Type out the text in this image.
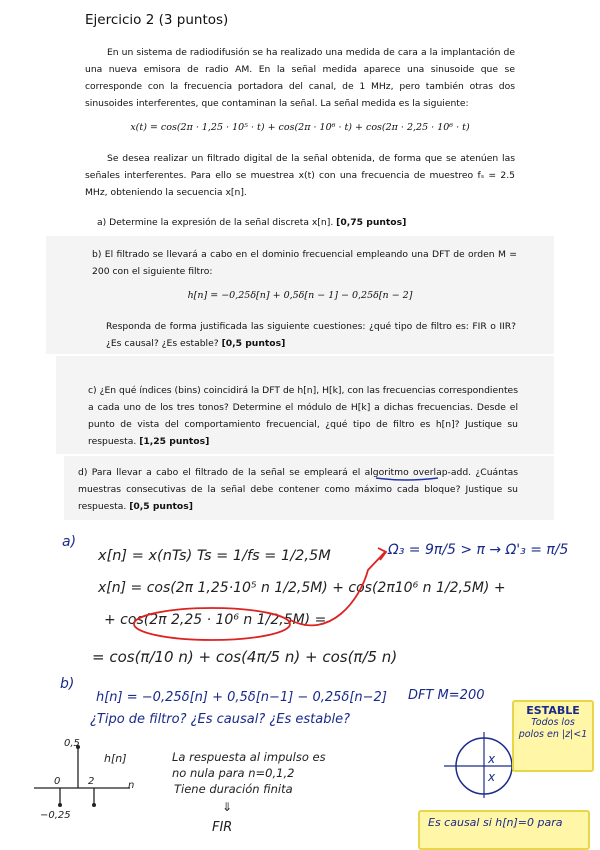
Ejercicio 2 (3 puntos)
En un sistema de radiodifusión se ha realizado una medida de cara a la implantación de una nueva emisora de radio AM. En la señal medida aparece una sinusoide que se corresponde con la frecuencia portadora del canal, de 1 MHz, pero también otras dos sinusoides interferentes, que contaminan la señal. La señal medida es la siguiente:
x(t) = cos(2π · 1,25 · 10⁵ · t) + cos(2π · 10⁶ · t) + cos(2π · 2,25 · 10⁶ · t)
Se desea realizar un filtrado digital de la señal obtenida, de forma que se atenúen las señales interferentes. Para ello se muestrea x(t) con una frecuencia de muestreo fₛ = 2.5 MHz, obteniendo la secuencia x[n].
a) Determine la expresión de la señal discreta x[n]. [0,75 puntos]
b) El filtrado se llevará a cabo en el dominio frecuencial empleando una DFT de orden M = 200 con el siguiente filtro:
h[n] = −0,25δ[n] + 0,5δ[n − 1] − 0,25δ[n − 2]
Responda de forma justificada las siguiente cuestiones: ¿qué tipo de filtro es: FIR o IIR? ¿Es causal? ¿Es estable? [0,5 puntos]
c) ¿En qué índices (bins) coincidirá la DFT de h[n], H[k], con las frecuencias correspondientes a cada uno de los tres tonos? Determine el módulo de H[k] a dichas frecuencias. Desde el punto de vista del comportamiento frecuencial, ¿qué tipo de filtro es h[n]? Justique su respuesta. [1,25 puntos]
d) Para llevar a cabo el filtrado de la señal se empleará el algoritmo overlap-add. ¿Cuántas muestras consecutivas de la señal debe contener como máximo cada bloque? Justique su respuesta. [0,5 puntos]
a)
x[n] = x(nTs) Ts = 1/fs = 1/2,5M	Ω₃ = 9π/5 > π → Ω'₃ = π/5
x[n] = cos(2π 1,25·10⁵ n 1/2,5M) + cos(2π10⁶ n 1/2,5M) +
+ cos(2π 2,25 · 10⁶ n 1/2,5M) =
= cos(π/10 n) + cos(4π/5 n) + cos(π/5 n)
b)
h[n] = −0,25δ[n] + 0,5δ[n−1] − 0,25δ[n−2] DFT M=200
¿Tipo de filtro? ¿Es causal? ¿Es estable?
0,5
h[n]
0	2
−0,25
n
La respuesta al impulso es
no nula para n=0,1,2
Tiene duración finita
⇓
FIR
x
x
ESTABLE
Todos los polos en |z|<1
Es causal si h[n]=0 para
